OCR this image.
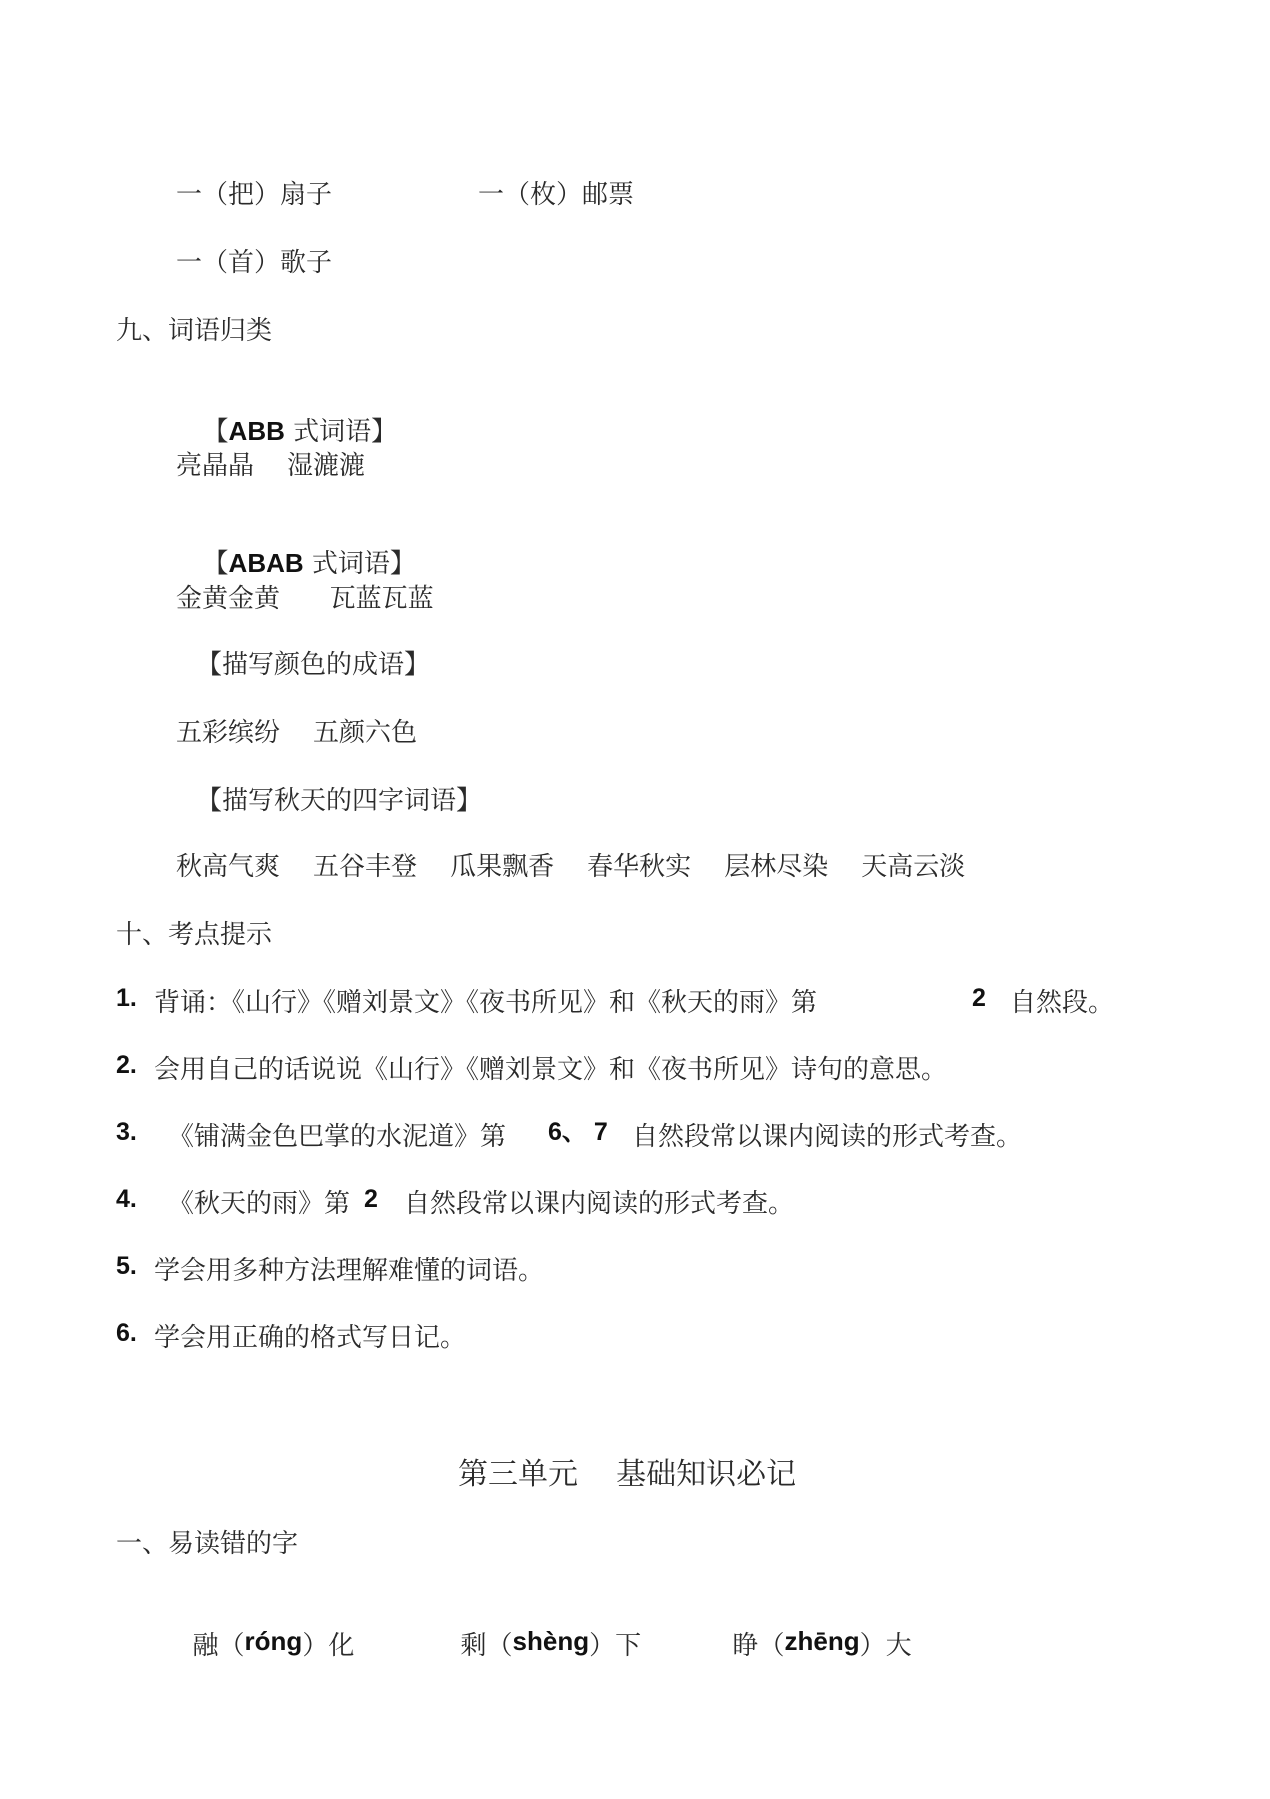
一（把）扇子	一（枚）邮票
一（首）歌子
九、词语归类

【ABB 式词语】

亮晶晶    湿漉漉

【ABAB 式词语】

金黄金黄      瓦蓝瓦蓝
【描写颜色的成语】
五彩缤纷    五颜六色
【描写秋天的四字词语】
秋高气爽    五谷丰登    瓜果飘香    春华秋实    层林尽染    天高云淡
十、考点提示
1. 背诵：《山行》《赠刘景文》《夜书所见》和《秋天的雨》第	2 自然段。
2. 会用自己的话说说《山行》《赠刘景文》和《夜书所见》诗句的意思。
3. 《铺满金色巴掌的水泥道》第 6、 7 自然段常以课内阅读的形式考查。
4. 《秋天的雨》第 2 自然段常以课内阅读的形式考查。
5. 学会用多种方法理解难懂的词语。
6. 学会用正确的格式写日记。
第三单元    基础知识必记
一、易读错的字

融（róng）化	剩（shèng）下	睁（zhēng）大
